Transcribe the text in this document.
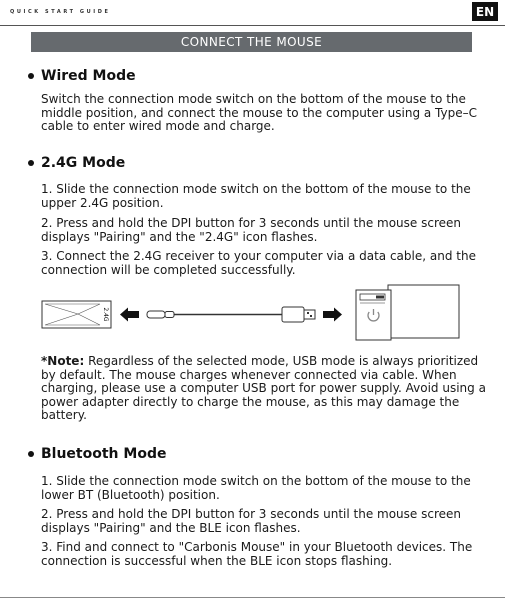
QUICK START GUIDE	EN
CONNECT THE MOUSE
Wired Mode
Switch the connection mode switch on the bottom of the mouse to the middle position, and connect the mouse to the computer using a Type–C cable to enter wired mode and charge.
2.4G Mode
1. Slide the connection mode switch on the bottom of the mouse to the upper 2.4G position.
2. Press and hold the DPI button for 3 seconds until the mouse screen displays "Pairing" and the "2.4G" icon flashes.
3. Connect the 2.4G receiver to your computer via a data cable, and the connection will be completed successfully.
2.4G
*Note: Regardless of the selected mode, USB mode is always prioritized by default. The mouse charges whenever connected via cable. When charging, please use a computer USB port for power supply. Avoid using a power adapter directly to charge the mouse, as this may damage the battery.
Bluetooth Mode
1. Slide the connection mode switch on the bottom of the mouse to the lower BT (Bluetooth) position.
2. Press and hold the DPI button for 3 seconds until the mouse screen displays "Pairing" and the BLE icon flashes.
3. Find and connect to "Carbonis Mouse" in your Bluetooth devices. The connection is successful when the BLE icon stops flashing.
